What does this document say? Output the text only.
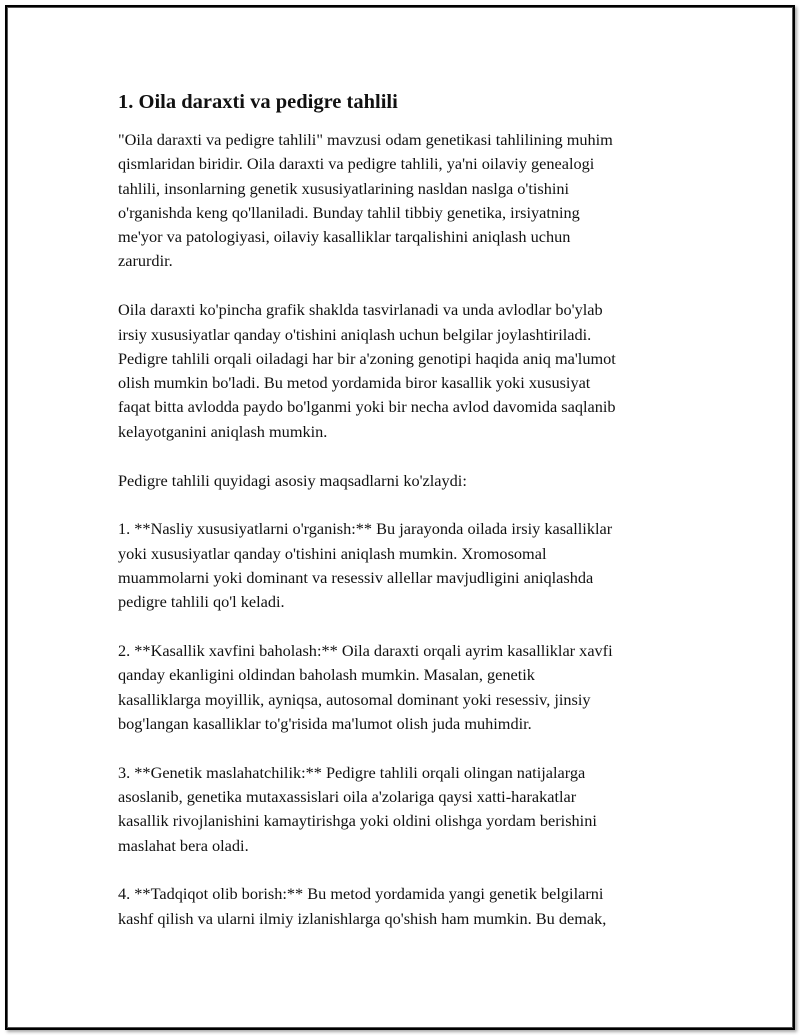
1. Oila daraxti va pedigre tahlili
"Oila daraxti va pedigre tahlili" mavzusi odam genetikasi tahlilining muhim
qismlaridan biridir. Oila daraxti va pedigre tahlili, ya'ni oilaviy genealogi
tahlili, insonlarning genetik xususiyatlarining nasldan naslga o'tishini
o'rganishda keng qo'llaniladi. Bunday tahlil tibbiy genetika, irsiyatning
me'yor va patologiyasi, oilaviy kasalliklar tarqalishini aniqlash uchun
zarurdir.
Oila daraxti ko'pincha grafik shaklda tasvirlanadi va unda avlodlar bo'ylab
irsiy xususiyatlar qanday o'tishini aniqlash uchun belgilar joylashtiriladi.
Pedigre tahlili orqali oiladagi har bir a'zoning genotipi haqida aniq ma'lumot
olish mumkin bo'ladi. Bu metod yordamida biror kasallik yoki xususiyat
faqat bitta avlodda paydo bo'lganmi yoki bir necha avlod davomida saqlanib
kelayotganini aniqlash mumkin.
Pedigre tahlili quyidagi asosiy maqsadlarni ko'zlaydi:
1. **Nasliy xususiyatlarni o'rganish:** Bu jarayonda oilada irsiy kasalliklar
yoki xususiyatlar qanday o'tishini aniqlash mumkin. Xromosomal
muammolarni yoki dominant va resessiv allellar mavjudligini aniqlashda
pedigre tahlili qo'l keladi.
2. **Kasallik xavfini baholash:** Oila daraxti orqali ayrim kasalliklar xavfi
qanday ekanligini oldindan baholash mumkin. Masalan, genetik
kasalliklarga moyillik, ayniqsa, autosomal dominant yoki resessiv, jinsiy
bog'langan kasalliklar to'g'risida ma'lumot olish juda muhimdir.
3. **Genetik maslahatchilik:** Pedigre tahlili orqali olingan natijalarga
asoslanib, genetika mutaxassislari oila a'zolariga qaysi xatti-harakatlar
kasallik rivojlanishini kamaytirishga yoki oldini olishga yordam berishini
maslahat bera oladi.
4. **Tadqiqot olib borish:** Bu metod yordamida yangi genetik belgilarni
kashf qilish va ularni ilmiy izlanishlarga qo'shish ham mumkin. Bu demak,
